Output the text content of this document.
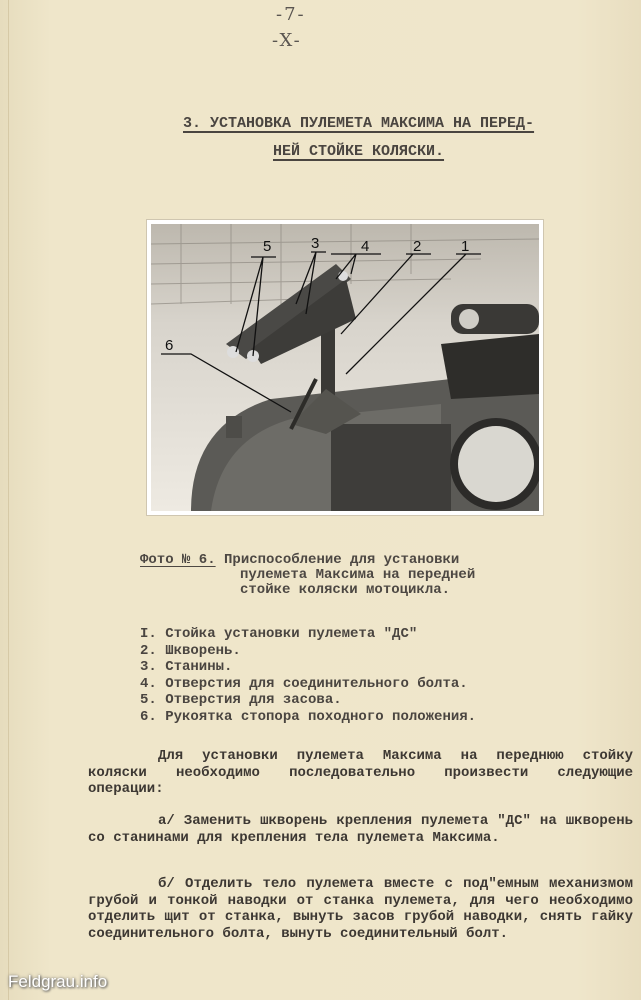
-7-
-X-
3. УСТАНОВКА ПУЛЕМЕТА МАКСИМА НА ПЕРЕД-
НЕЙ СТОЙКЕ КОЛЯСКИ.
5	3	4	2	1
6
Фото № 6. Приспособление для установки
пулемета Максима на передней
стойке коляски мотоцикла.
I. Стойка установки пулемета "ДС"
2. Шкворень.
3. Станины.
4. Отверстия для соединительного болта.
5. Отверстия для засова.
6. Рукоятка стопора походного положения.
Для установки пулемета Максима на переднюю стойку коляски необходимо последовательно произвести следующие операции:
а/ Заменить шкворень крепления пулемета "ДС" на шкворень со станинами для крепления тела пулемета Максима.
б/ Отделить тело пулемета вместе с под"емным механизмом грубой и тонкой наводки от станка пулемета, для чего необходимо отделить щит от станка, вынуть засов грубой наводки, снять гайку соединительного болта, вынуть соединительный болт.
Feldgrau.info
